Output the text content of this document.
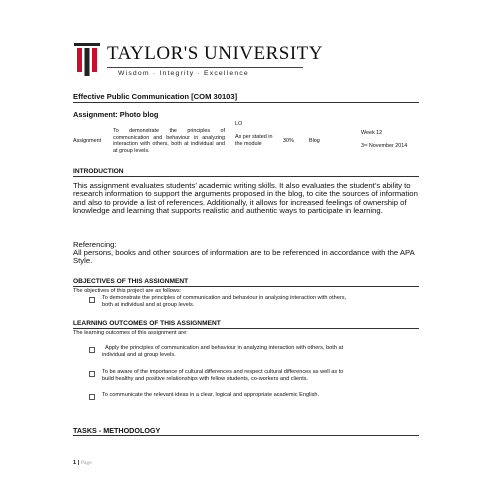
TAYLOR'S UNIVERSITY
Wisdom · Integrity · Excellence
Effective Public Communication [COM 30103]
Assignment: Photo blog
Assignment
To demonstrate the principles of communication and behaviour in analyzing interaction with others, both at individual and at group levels.
LO
As per stated in the module	30%	Blog
Week 12
3rd November 2014
INTRODUCTION

This assignment evaluates students’ academic writing skills. It also evaluates the student’s ability to research information to support the arguments proposed in the blog, to cite the sources of information and also to provide a list of references. Additionally, it allows for increased feelings of ownership of knowledge and learning that supports realistic and authentic ways to participate in learning.

Referencing:
All persons, books and other sources of information are to be referenced in accordance with the APA Style.
OBJECTIVES OF THIS ASSIGNMENT
The objectives of this project are as follows:
To demonstrate the principles of communication and behaviour in analysing interaction with others,
both at individual and at group levels.
LEARNING OUTCOMES OF THIS ASSIGNMENT
The learning outcomes of this assignment are:
Apply the principles of communication and behaviour in analyzing interaction with others, both at
individual and at group levels.
To be aware of the importance of cultural differences and respect cultural differences as well as to
build healthy and positive relationships with fellow students, co-workers and clients.
To communicate the relevant ideas in a clear, logical and appropriate academic English.
TASKS - METHODOLOGY
1 | Page
